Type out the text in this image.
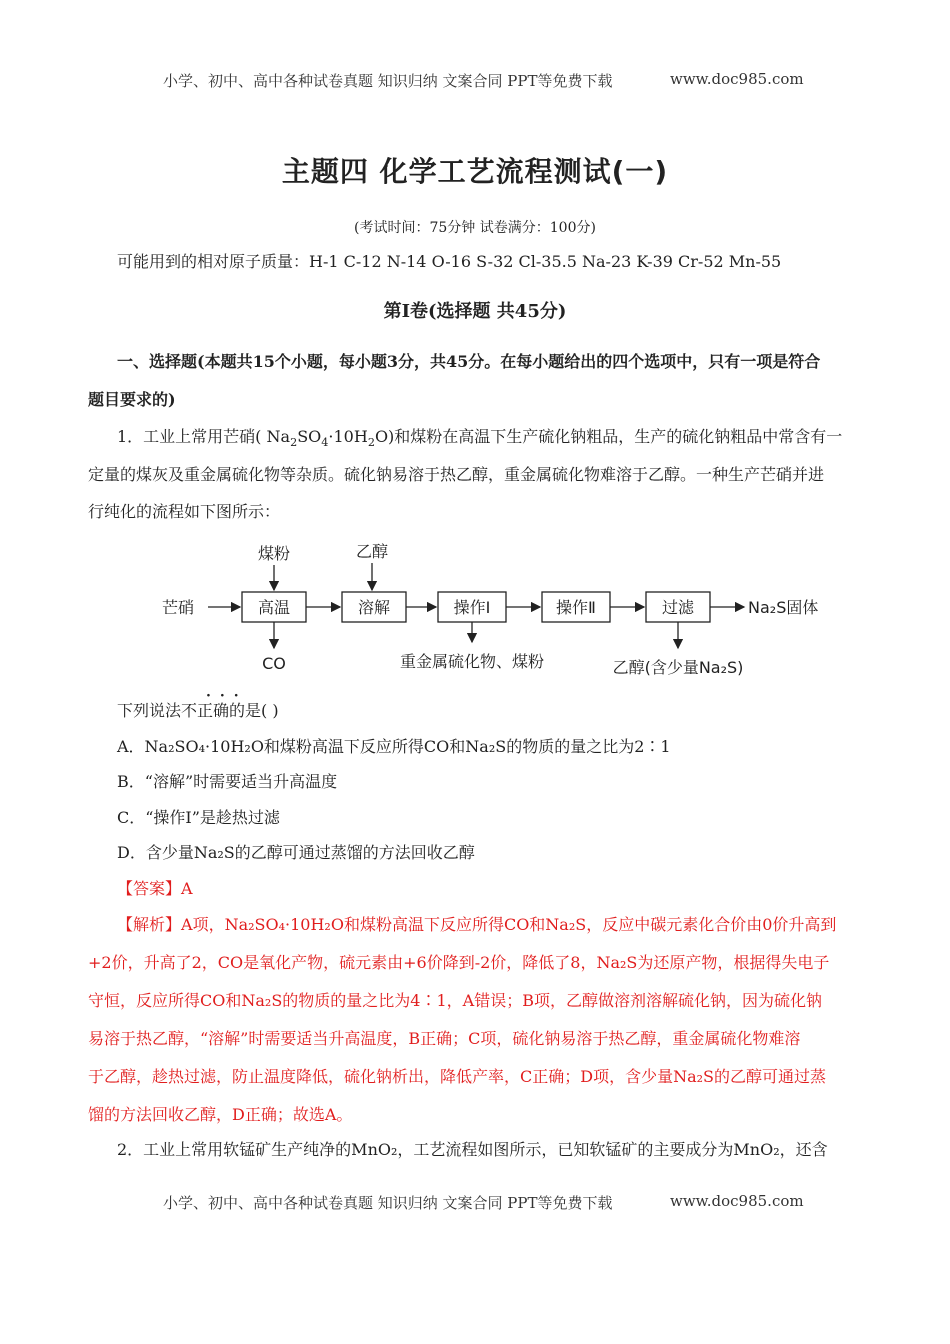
小学、初中、高中各种试卷真题 知识归纳 文案合同 PPT等免费下载	www.doc985.com
主题四 化学工艺流程测试(一)
(考试时间：75分钟 试卷满分：100分)
可能用到的相对原子质量：H-1 C-12 N-14 O-16 S-32 Cl-35.5 Na-23 K-39 Cr-52 Mn-55
第Ⅰ卷(选择题 共45分)
一、选择题(本题共15个小题，每小题3分，共45分。在每小题给出的四个选项中，只有一项是符合
题目要求的)
1．工业上常用芒硝( $Na_2SO_4\cdot 10H_2O$)和煤粉在高温下生产硫化钠粗品，生产的硫化钠粗品中常含有一
定量的煤灰及重金属硫化物等杂质。硫化钠易溶于热乙醇，重金属硫化物难溶于乙醇。一种生产芒硝并进
行纯化的流程如下图所示：
芒硝	高温	溶解	操作Ⅰ	操作Ⅱ	过滤
煤粉	乙醇
CO	重金属硫化物、煤粉	乙醇(含少量Na₂S)
Na₂S固体
···
下列说法不正确的是( )
A．Na₂SO₄·10H₂O和煤粉高温下反应所得CO和Na₂S的物质的量之比为2∶1
B．“溶解”时需要适当升高温度
C．“操作Ⅰ”是趁热过滤
D．含少量Na₂S的乙醇可通过蒸馏的方法回收乙醇
【答案】A
【解析】A项，Na₂SO₄·10H₂O和煤粉高温下反应所得CO和Na₂S，反应中碳元素化合价由0价升高到
+2价，升高了2，CO是氧化产物，硫元素由+6价降到-2价，降低了8，Na₂S为还原产物，根据得失电子
守恒，反应所得CO和Na₂S的物质的量之比为4∶1，A错误；B项，乙醇做溶剂溶解硫化钠，因为硫化钠
易溶于热乙醇，“溶解”时需要适当升高温度，B正确；C项，硫化钠易溶于热乙醇，重金属硫化物难溶
于乙醇，趁热过滤，防止温度降低，硫化钠析出，降低产率，C正确；D项，含少量Na₂S的乙醇可通过蒸
馏的方法回收乙醇，D正确；故选A。
2．工业上常用软锰矿生产纯净的MnO₂，工艺流程如图所示，已知软锰矿的主要成分为MnO₂，还含
小学、初中、高中各种试卷真题 知识归纳 文案合同 PPT等免费下载	www.doc985.com
